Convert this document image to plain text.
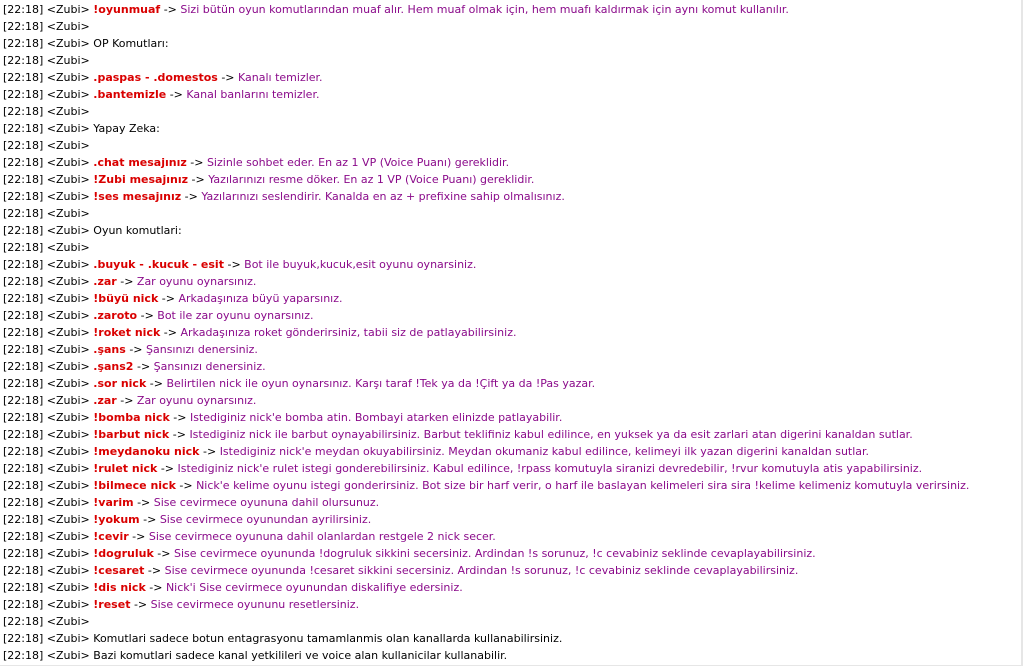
[22:18] <Zubi> !oyunmuaf -> Sizi bütün oyun komutlarından muaf alır. Hem muaf olmak için, hem muafı kaldırmak için aynı komut kullanılır.
[22:18] <Zubi>
[22:18] <Zubi> OP Komutları:
[22:18] <Zubi>
[22:18] <Zubi> .paspas - .domestos -> Kanalı temizler.
[22:18] <Zubi> .bantemizle -> Kanal banlarını temizler.
[22:18] <Zubi>
[22:18] <Zubi> Yapay Zeka:
[22:18] <Zubi>
[22:18] <Zubi> .chat mesajınız -> Sizinle sohbet eder. En az 1 VP (Voice Puanı) gereklidir.
[22:18] <Zubi> !Zubi mesajınız -> Yazılarınızı resme döker. En az 1 VP (Voice Puanı) gereklidir.
[22:18] <Zubi> !ses mesajınız -> Yazılarınızı seslendirir. Kanalda en az + prefixine sahip olmalısınız.
[22:18] <Zubi>
[22:18] <Zubi> Oyun komutlari:
[22:18] <Zubi>
[22:18] <Zubi> .buyuk - .kucuk - esit -> Bot ile buyuk,kucuk,esit oyunu oynarsiniz.
[22:18] <Zubi> .zar -> Zar oyunu oynarsınız.
[22:18] <Zubi> !büyü nick -> Arkadaşınıza büyü yaparsınız.
[22:18] <Zubi> .zaroto -> Bot ile zar oyunu oynarsınız.
[22:18] <Zubi> !roket nick -> Arkadaşınıza roket gönderirsiniz, tabii siz de patlayabilirsiniz.
[22:18] <Zubi> .şans -> Şansınızı denersiniz.
[22:18] <Zubi> .şans2 -> Şansınızı denersiniz.
[22:18] <Zubi> .sor nick -> Belirtilen nick ile oyun oynarsınız. Karşı taraf !Tek ya da !Çift ya da !Pas yazar.
[22:18] <Zubi> .zar -> Zar oyunu oynarsınız.
[22:18] <Zubi> !bomba nick -> Istediginiz nick'e bomba atin. Bombayi atarken elinizde patlayabilir.
[22:18] <Zubi> !barbut nick -> Istediginiz nick ile barbut oynayabilirsiniz. Barbut teklifiniz kabul edilince, en yuksek ya da esit zarlari atan digerini kanaldan sutlar.
[22:18] <Zubi> !meydanoku nick -> Istediginiz nick'e meydan okuyabilirsiniz. Meydan okumaniz kabul edilince, kelimeyi ilk yazan digerini kanaldan sutlar.
[22:18] <Zubi> !rulet nick -> Istediginiz nick'e rulet istegi gonderebilirsiniz. Kabul edilince, !rpass komutuyla siranizi devredebilir, !rvur komutuyla atis yapabilirsiniz.
[22:18] <Zubi> !bilmece nick -> Nick'e kelime oyunu istegi gonderirsiniz. Bot size bir harf verir, o harf ile baslayan kelimeleri sira sira !kelime kelimeniz komutuyla verirsiniz.
[22:18] <Zubi> !varim -> Sise cevirmece oyununa dahil olursunuz.
[22:18] <Zubi> !yokum -> Sise cevirmece oyunundan ayrilirsiniz.
[22:18] <Zubi> !cevir -> Sise cevirmece oyununa dahil olanlardan restgele 2 nick secer.
[22:18] <Zubi> !dogruluk -> Sise cevirmece oyununda !dogruluk sikkini secersiniz. Ardindan !s sorunuz, !c cevabiniz seklinde cevaplayabilirsiniz.
[22:18] <Zubi> !cesaret -> Sise cevirmece oyununda !cesaret sikkini secersiniz. Ardindan !s sorunuz, !c cevabiniz seklinde cevaplayabilirsiniz.
[22:18] <Zubi> !dis nick -> Nick'i Sise cevirmece oyunundan diskalifiye edersiniz.
[22:18] <Zubi> !reset -> Sise cevirmece oyununu resetlersiniz.
[22:18] <Zubi>
[22:18] <Zubi> Komutlari sadece botun entagrasyonu tamamlanmis olan kanallarda kullanabilirsiniz.
[22:18] <Zubi> Bazi komutlari sadece kanal yetkilileri ve voice alan kullanicilar kullanabilir.
